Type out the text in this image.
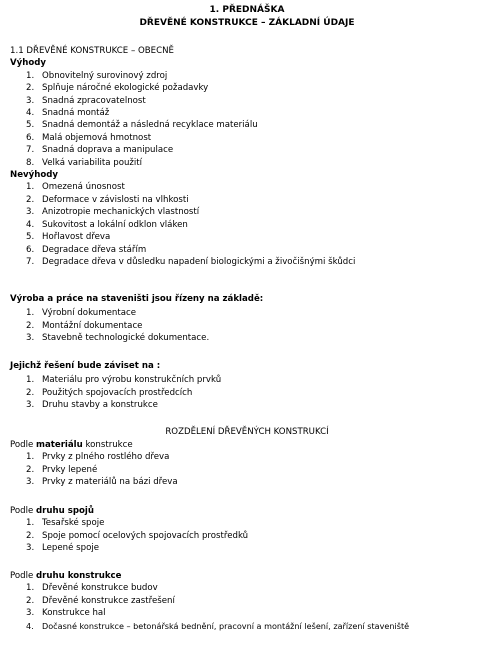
1. PŘEDNÁŠKA
DŘEVĚNÉ KONSTRUKCE – ZÁKLADNÍ ÚDAJE
1.1 DŘEVĚNÉ KONSTRUKCE – OBECNĚ
Výhody
1. Obnovitelný surovinový zdroj
2. Splňuje náročné ekologické požadavky
3. Snadná zpracovatelnost
4. Snadná montáž
5. Snadná demontáž a následná recyklace materiálu
6. Malá objemová hmotnost
7. Snadná doprava a manipulace
8. Velká variabilita použití
Nevýhody
1. Omezená únosnost
2. Deformace v závislosti na vlhkosti
3. Anizotropie mechanických vlastností
4. Sukovitost a lokální odklon vláken
5. Hořlavost dřeva
6. Degradace dřeva stářím
7. Degradace dřeva v důsledku napadení biologickými a živočišnými škůdci
Výroba a práce na staveništi jsou řízeny na základě:
1. Výrobní dokumentace
2. Montážní dokumentace
3. Stavebně technologické dokumentace.
Jejichž řešení bude záviset na :
1. Materiálu pro výrobu konstrukčních prvků
2. Použitých spojovacích prostředcích
3. Druhu stavby a konstrukce
ROZDĚLENÍ DŘEVĚNÝCH KONSTRUKCÍ
Podle materiálu konstrukce
1. Prvky z plného rostlého dřeva
2. Prvky lepené
3. Prvky z materiálů na bázi dřeva
Podle druhu spojů
1. Tesařské spoje
2. Spoje pomocí ocelových spojovacích prostředků
3. Lepené spoje
Podle druhu konstrukce
1. Dřevěné konstrukce budov
2. Dřevěné konstrukce zastřešení
3. Konstrukce hal
4.	Dočasné konstrukce – betonářská bednění, pracovní a montážní lešení, zařízení staveniště
